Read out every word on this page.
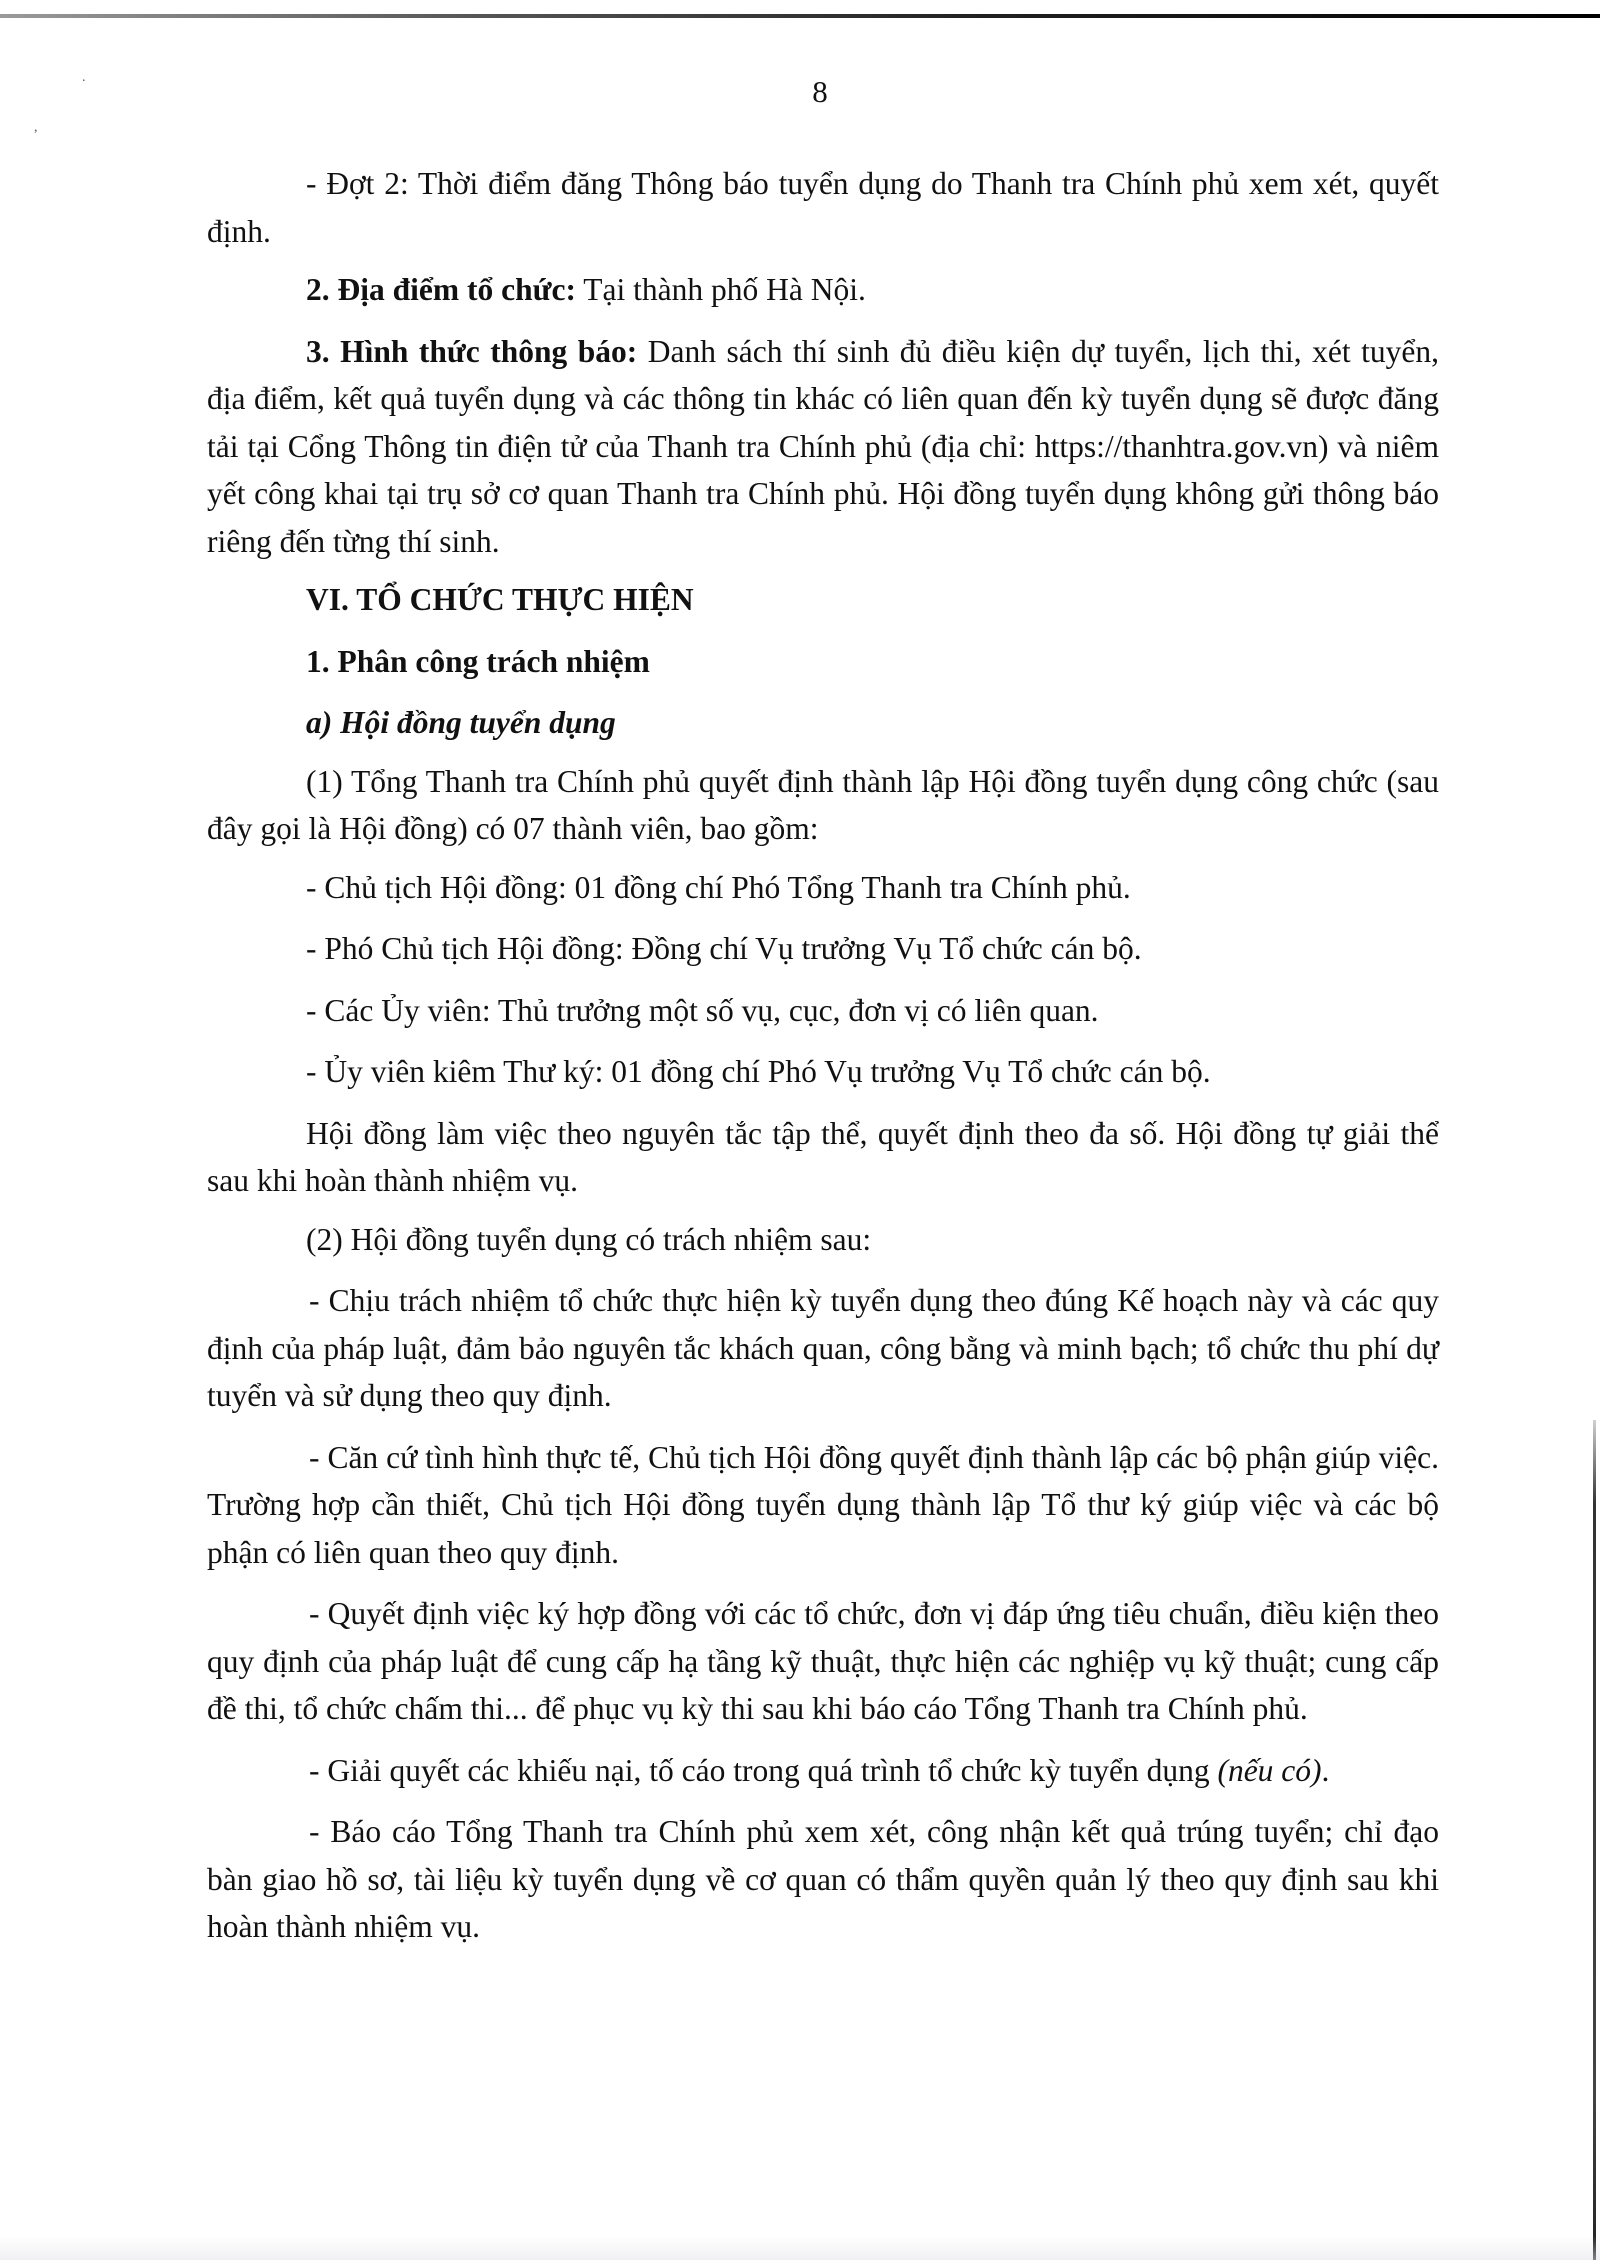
.
,
8

- Đợt 2: Thời điểm đăng Thông báo tuyển dụng do Thanh tra Chính phủ xem xét, quyết định.

2. Địa điểm tổ chức: Tại thành phố Hà Nội.

3. Hình thức thông báo: Danh sách thí sinh đủ điều kiện dự tuyển, lịch thi, xét tuyển, địa điểm, kết quả tuyển dụng và các thông tin khác có liên quan đến kỳ tuyển dụng sẽ được đăng tải tại Cổng Thông tin điện tử của Thanh tra Chính phủ (địa chỉ: https://thanhtra.gov.vn) và niêm yết công khai tại trụ sở cơ quan Thanh tra Chính phủ. Hội đồng tuyển dụng không gửi thông báo riêng đến từng thí sinh.

VI. TỔ CHỨC THỰC HIỆN

1. Phân công trách nhiệm

a) Hội đồng tuyển dụng

(1) Tổng Thanh tra Chính phủ quyết định thành lập Hội đồng tuyển dụng công chức (sau đây gọi là Hội đồng) có 07 thành viên, bao gồm:

- Chủ tịch Hội đồng: 01 đồng chí Phó Tổng Thanh tra Chính phủ.

- Phó Chủ tịch Hội đồng: Đồng chí Vụ trưởng Vụ Tổ chức cán bộ.

- Các Ủy viên: Thủ trưởng một số vụ, cục, đơn vị có liên quan.

- Ủy viên kiêm Thư ký: 01 đồng chí Phó Vụ trưởng Vụ Tổ chức cán bộ.

Hội đồng làm việc theo nguyên tắc tập thể, quyết định theo đa số. Hội đồng tự giải thể sau khi hoàn thành nhiệm vụ.

(2) Hội đồng tuyển dụng có trách nhiệm sau:

- Chịu trách nhiệm tổ chức thực hiện kỳ tuyển dụng theo đúng Kế hoạch này và các quy định của pháp luật, đảm bảo nguyên tắc khách quan, công bằng và minh bạch; tổ chức thu phí dự tuyển và sử dụng theo quy định.

- Căn cứ tình hình thực tế, Chủ tịch Hội đồng quyết định thành lập các bộ phận giúp việc. Trường hợp cần thiết, Chủ tịch Hội đồng tuyển dụng thành lập Tổ thư ký giúp việc và các bộ phận có liên quan theo quy định.

- Quyết định việc ký hợp đồng với các tổ chức, đơn vị đáp ứng tiêu chuẩn, điều kiện theo quy định của pháp luật để cung cấp hạ tầng kỹ thuật, thực hiện các nghiệp vụ kỹ thuật; cung cấp đề thi, tổ chức chấm thi... để phục vụ kỳ thi sau khi báo cáo Tổng Thanh tra Chính phủ.

- Giải quyết các khiếu nại, tố cáo trong quá trình tổ chức kỳ tuyển dụng (nếu có).

- Báo cáo Tổng Thanh tra Chính phủ xem xét, công nhận kết quả trúng tuyển; chỉ đạo bàn giao hồ sơ, tài liệu kỳ tuyển dụng về cơ quan có thẩm quyền quản lý theo quy định sau khi hoàn thành nhiệm vụ.
